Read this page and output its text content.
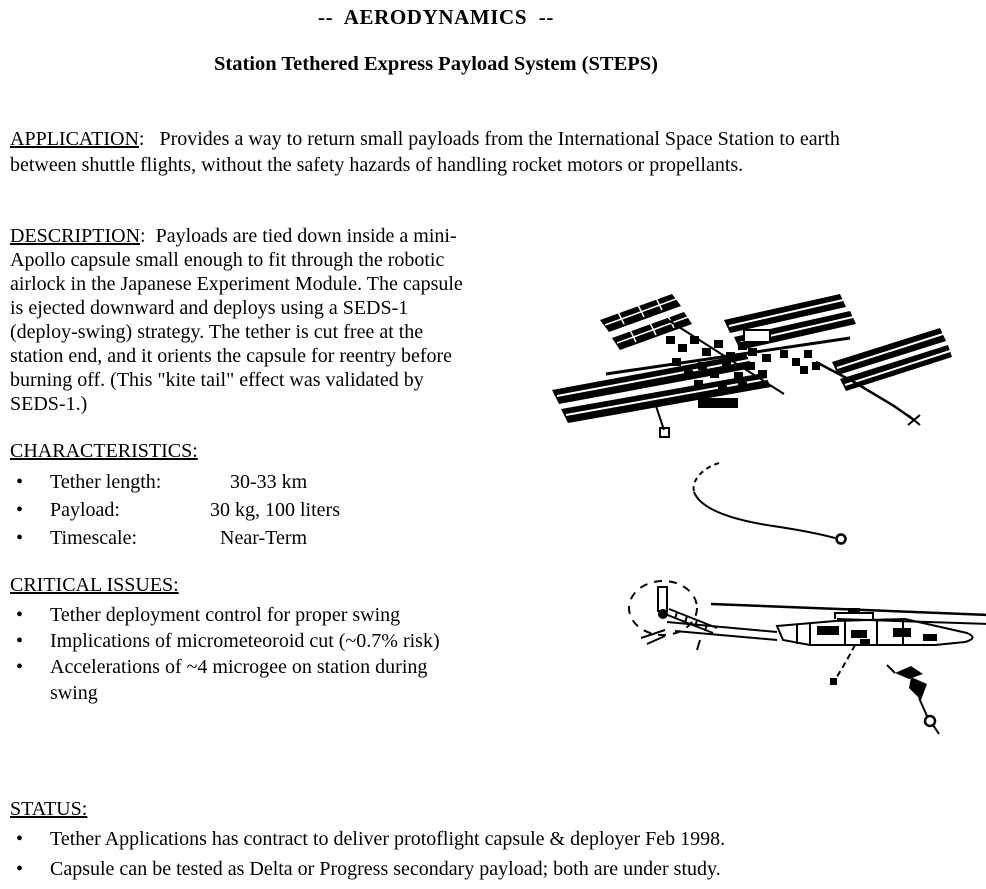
--  AERODYNAMICS  --
Station Tethered Express Payload System (STEPS)
APPLICATION:   Provides a way to return small payloads from the International Space Station to earth between shuttle flights, without the safety hazards of handling rocket motors or propellants.
DESCRIPTION:  Payloads are tied down inside a mini-Apollo capsule small enough to fit through the robotic airlock in the Japanese Experiment Module. The capsule is ejected downward and deploys using a SEDS-1 (deploy-swing) strategy. The tether is cut free at the station end, and it orients the capsule for reentry before burning off. (This "kite tail" effect was validated by SEDS-1.)
CHARACTERISTICS:
• Tether length:    30-33 km
• Payload:	30 kg, 100 liters
• Timescale:	Near-Term
CRITICAL ISSUES:
• Tether deployment control for proper swing
• Implications of micrometeoroid cut (~0.7% risk)
• Accelerations of ~4 microgee on station during swing
STATUS:
• Tether Applications has contract to deliver protoflight capsule & deployer Feb 1998.
• Capsule can be tested as Delta or Progress secondary payload; both are under study.
